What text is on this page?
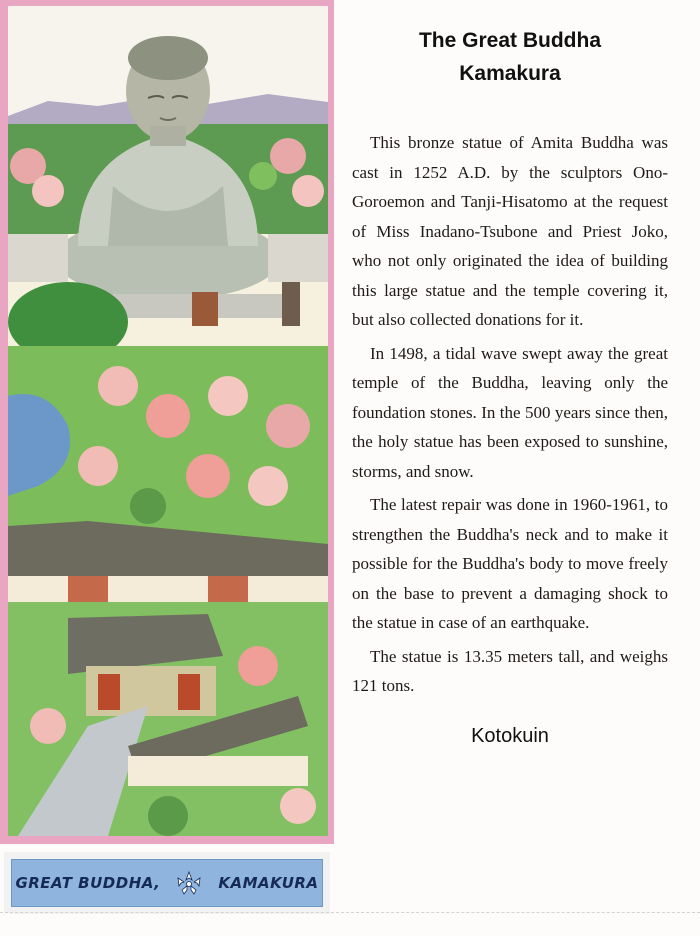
GREAT BUDDHA,	KAMAKURA
The Great Buddha
Kamakura

This bronze statue of Amita Buddha was cast in 1252 A.D. by the sculptors Ono-Goroemon and Tanji-Hisatomo at the request of Miss Inadano-Tsubone and Priest Joko, who not only originated the idea of building this large statue and the temple covering it, but also collected donations for it.

In 1498, a tidal wave swept away the great temple of the Buddha, leaving only the foundation stones. In the 500 years since then, the holy statue has been exposed to sunshine, storms, and snow.

The latest repair was done in 1960-1961, to strengthen the Buddha's neck and to make it possible for the Buddha's body to move freely on the base to prevent a damaging shock to the statue in case of an earthquake.

The statue is 13.35 meters tall, and weighs 121 tons.

Kotokuin
